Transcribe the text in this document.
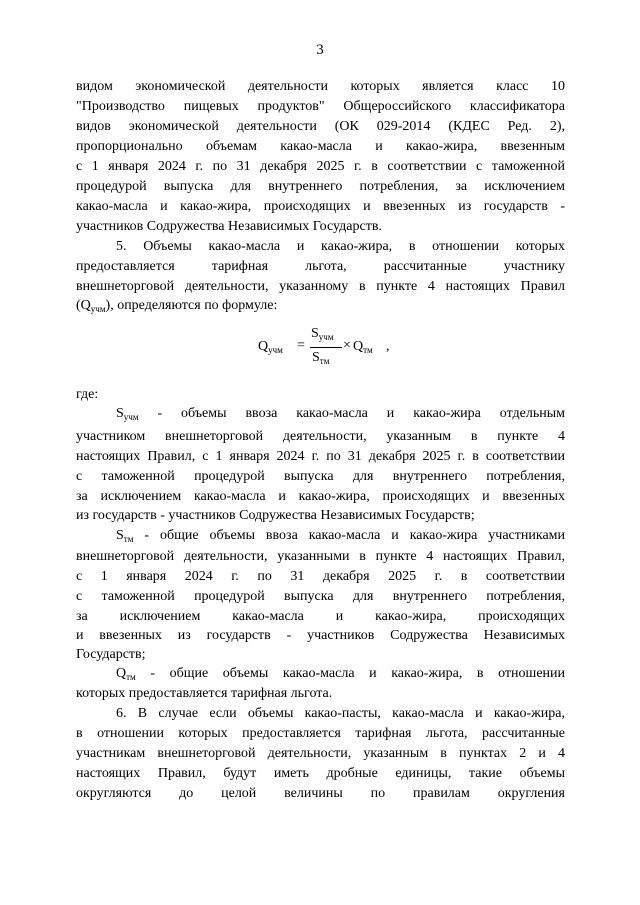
3
видом экономической деятельности которых является класс 10
"Производство пищевых продуктов" Общероссийского классификатора
видов экономической деятельности (ОК 029-2014 (КДЕС Ред. 2),
пропорционально объемам какао-масла и какао-жира, ввезенным
с 1 января 2024 г. по 31 декабря 2025 г. в соответствии с таможенной
процедурой выпуска для внутреннего потребления, за исключением
какао-масла и какао-жира, происходящих и ввезенных из государств -
участников Содружества Независимых Государств.
5. Объемы какао-масла и какао-жира, в отношении которых
предоставляется тарифная льгота, рассчитанные участнику
внешнеторговой деятельности, указанному в пункте 4 настоящих Правил
$(Q_{учм})$, определяются по формуле:
$Q_{учм}$ =
$S_{учм}$
$S_{тм}$
× $Q_{тм}$ ,
где:
$S_{учм}$ - объемы ввоза какао-масла и какао-жира отдельным
участником внешнеторговой деятельности, указанным в пункте 4
настоящих Правил, с 1 января 2024 г. по 31 декабря 2025 г. в соответствии
с таможенной процедурой выпуска для внутреннего потребления,
за исключением какао-масла и какао-жира, происходящих и ввезенных
из государств - участников Содружества Независимых Государств;
$S_{тм}$ - общие объемы ввоза какао-масла и какао-жира участниками
внешнеторговой деятельности, указанными в пункте 4 настоящих Правил,
с 1 января 2024 г. по 31 декабря 2025 г. в соответствии
с таможенной процедурой выпуска для внутреннего потребления,
за исключением какао-масла и какао-жира, происходящих
и ввезенных из государств - участников Содружества Независимых
Государств;
$Q_{тм}$ - общие объемы какао-масла и какао-жира, в отношении
которых предоставляется тарифная льгота.
6. В случае если объемы какао-пасты, какао-масла и какао-жира,
в отношении которых предоставляется тарифная льгота, рассчитанные
участникам внешнеторговой деятельности, указанным в пунктах 2 и 4
настоящих Правил, будут иметь дробные единицы, такие объемы
округляются до целой величины по правилам округления
